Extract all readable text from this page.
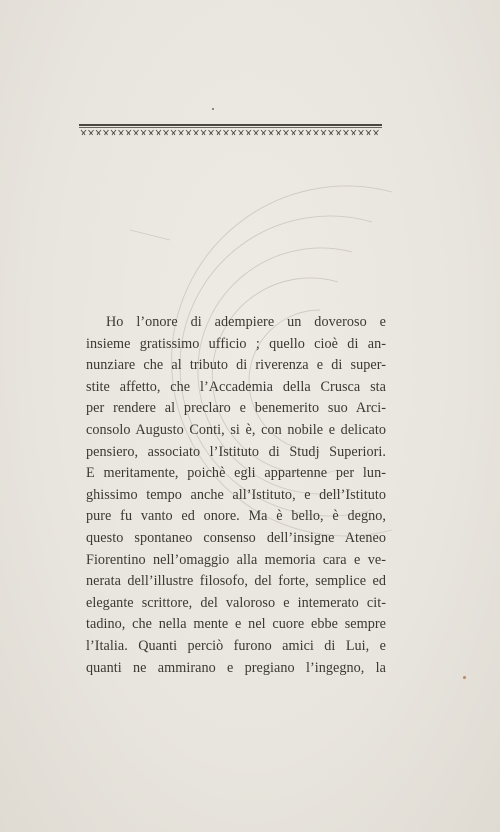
Ho l’onore di adempiere un doveroso e
insieme gratissimo ufficio ; quello cioè di an-
nunziare che al tributo di riverenza e di super-
stite affetto, che l’Accademia della Crusca sta
per rendere al preclaro e benemerito suo Arci-
consolo Augusto Conti, si è, con nobile e delicato
pensiero, associato l’Istituto di Studj Superiori.
E meritamente, poichè egli appartenne per lun-
ghissimo tempo anche all’Istituto, e dell’Istituto
pure fu vanto ed onore. Ma è bello, è degno,
questo spontaneo consenso dell’insigne Ateneo
Fiorentino nell’omaggio alla memoria cara e ve-
nerata dell’illustre filosofo, del forte, semplice ed
elegante scrittore, del valoroso e intemerato cit-
tadino, che nella mente e nel cuore ebbe sempre
l’Italia. Quanti perciò furono amici di Lui, e
quanti ne ammirano e pregiano l’ingegno, la
